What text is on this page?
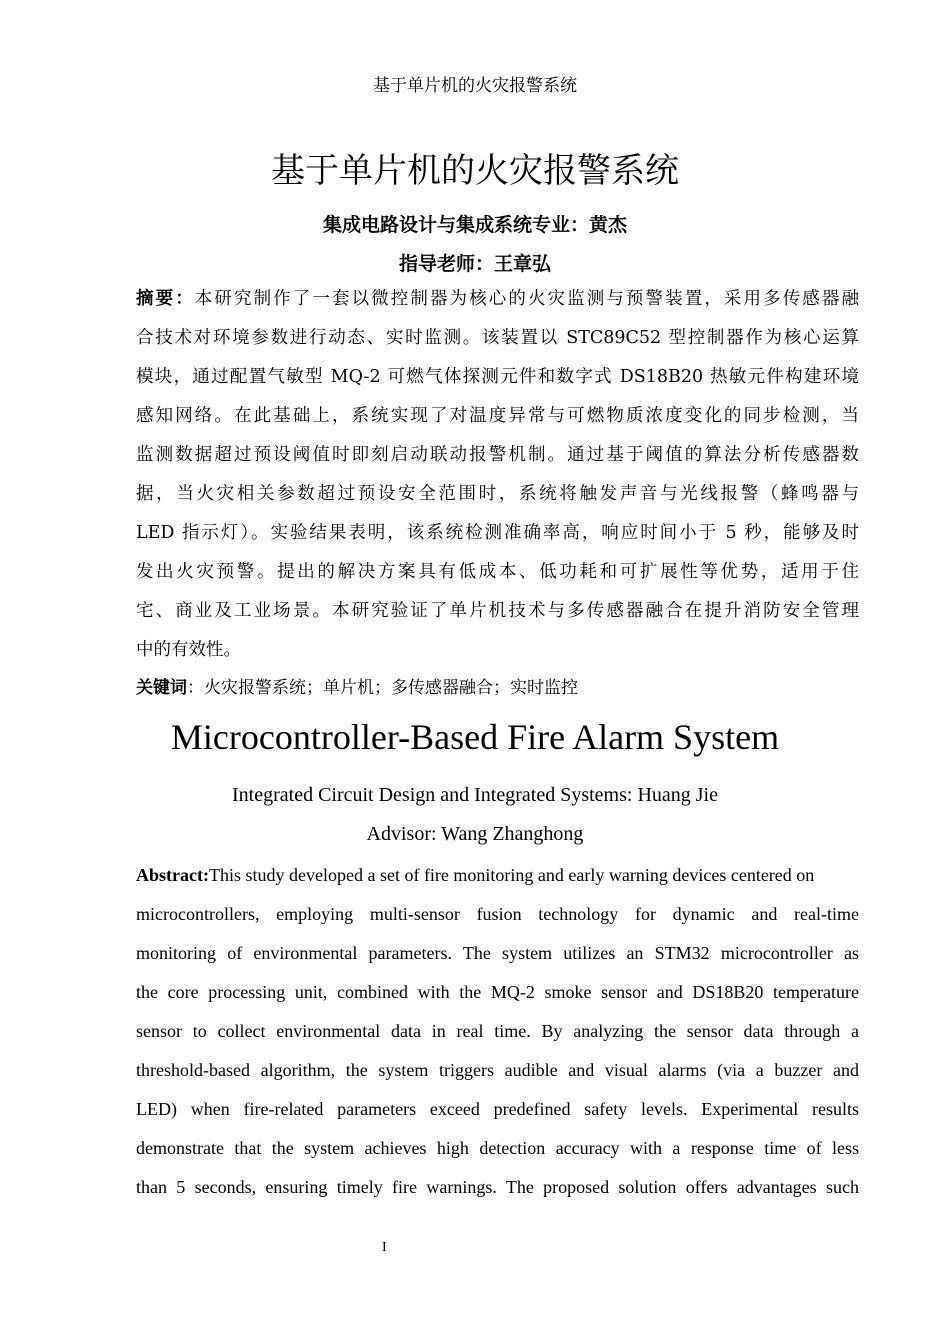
基于单片机的火灾报警系统
基于单片机的火灾报警系统
集成电路设计与集成系统专业：黄杰
指导老师：王章弘
摘要：本研究制作了一套以微控制器为核心的火灾监测与预警装置，采用多传感器融
合技术对环境参数进行动态、实时监测。该装置以 STC89C52 型控制器作为核心运算
模块，通过配置气敏型 MQ-2 可燃气体探测元件和数字式 DS18B20 热敏元件构建环境
感知网络。在此基础上，系统实现了对温度异常与可燃物质浓度变化的同步检测，当
监测数据超过预设阈值时即刻启动联动报警机制。通过基于阈值的算法分析传感器数
据，当火灾相关参数超过预设安全范围时，系统将触发声音与光线报警（蜂鸣器与
LED 指示灯）。实验结果表明，该系统检测准确率高，响应时间小于 5 秒，能够及时
发出火灾预警。提出的解决方案具有低成本、低功耗和可扩展性等优势，适用于住
宅、商业及工业场景。本研究验证了单片机技术与多传感器融合在提升消防安全管理
中的有效性。
关键词：火灾报警系统；单片机；多传感器融合；实时监控
Microcontroller-Based Fire Alarm System
Integrated Circuit Design and Integrated Systems: Huang Jie
Advisor: Wang Zhanghong
Abstract:This study developed a set of fire monitoring and early warning devices centered on
microcontrollers, employing multi-sensor fusion technology for dynamic and real-time
monitoring of environmental parameters. The system utilizes an STM32 microcontroller as
the core processing unit, combined with the MQ-2 smoke sensor and DS18B20 temperature
sensor to collect environmental data in real time. By analyzing the sensor data through a
threshold-based algorithm, the system triggers audible and visual alarms (via a buzzer and
LED) when fire-related parameters exceed predefined safety levels. Experimental results
demonstrate that the system achieves high detection accuracy with a response time of less
than 5 seconds, ensuring timely fire warnings. The proposed solution offers advantages such
I
